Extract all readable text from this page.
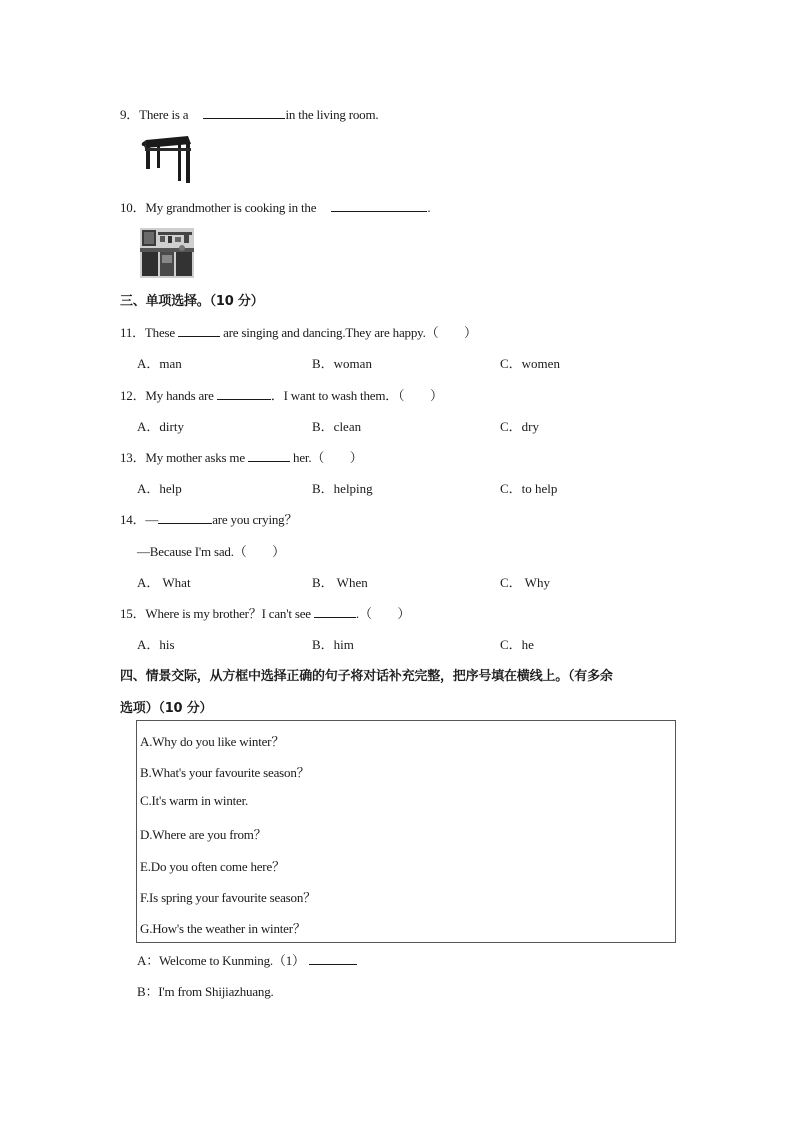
9．There is a	in the living room.
10．My grandmother is cooking in the	.
三、单项选择。（10 分）
11．These	are singing and dancing.They are happy.（　　）
A．man	B．woman	C．women
12．My hands are	．I want to wash them．（　　）
A．dirty	B．clean	C．dry
13．My mother asks me	her.（　　）
A．help	B．helping	C．to help
14．—	are you crying？
—Because I'm sad.（　　）
A． What	B． When	C． Why
15．Where is my brother？I can't see	.（　　）
A．his	B．him	C．he
四、情景交际，从方框中选择正确的句子将对话补充完整，把序号填在横线上。（有多余
选项）（10 分）
A.Why do you like winter？
B.What's your favourite season？
C.It's warm in winter.
D.Where are you from？
E.Do you often come here？
F.Is spring your favourite season？
G.How's the weather in winter？
A：Welcome to Kunming.（1）
B：I'm from Shijiazhuang.
